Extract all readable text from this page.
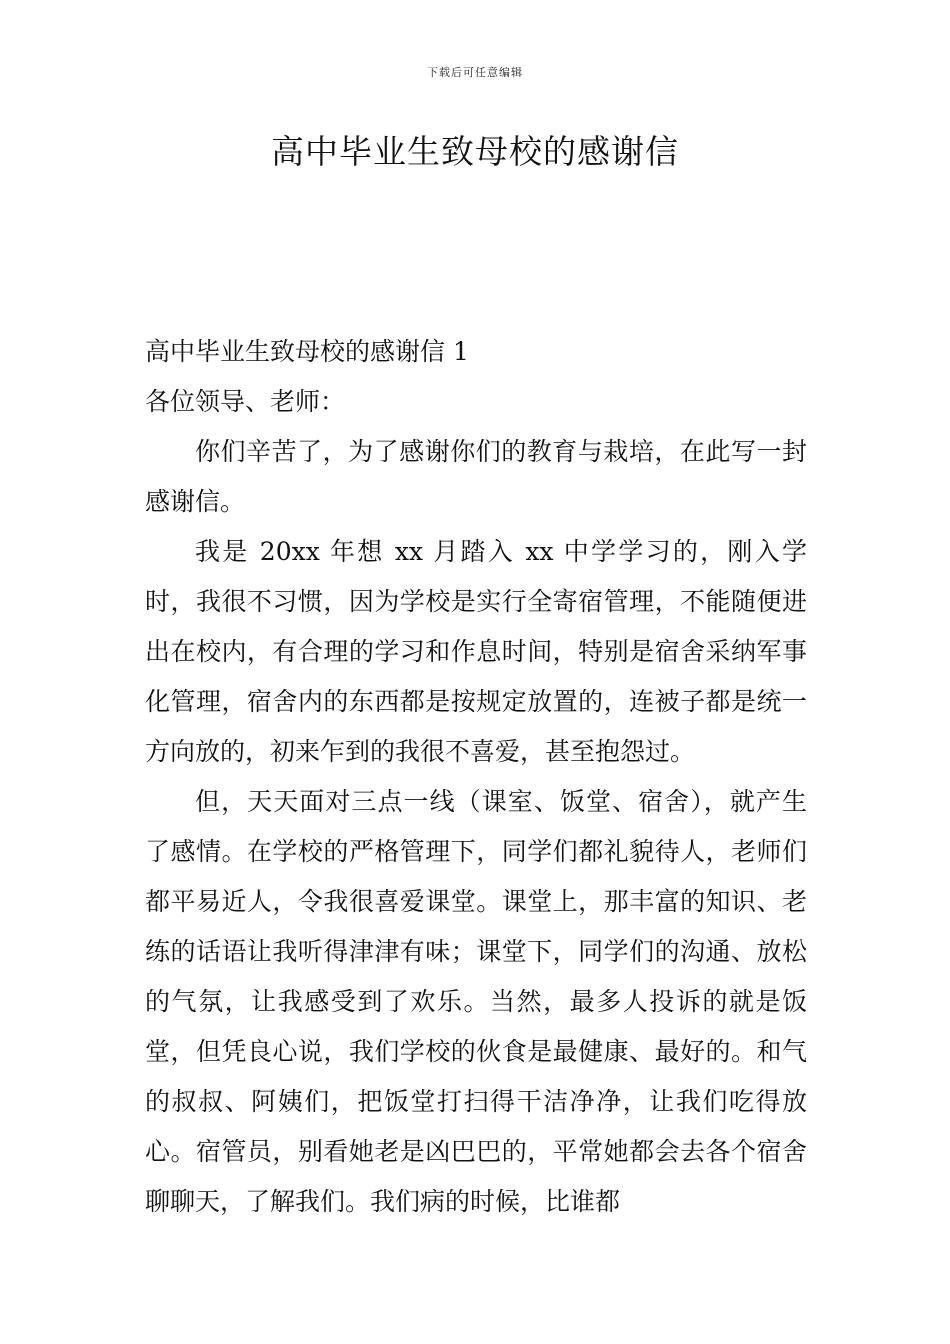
下载后可任意编辑
高中毕业生致母校的感谢信

高中毕业生致母校的感谢信 1

各位领导、老师：

你们辛苦了，为了感谢你们的教育与栽培，在此写一封感谢信。

我是 20xx 年想 xx 月踏入 xx 中学学习的，刚入学时，我很不习惯，因为学校是实行全寄宿管理，不能随便进出在校内，有合理的学习和作息时间，特别是宿舍采纳军事化管理，宿舍内的东西都是按规定放置的，连被子都是统一方向放的，初来乍到的我很不喜爱，甚至抱怨过。

但，天天面对三点一线（课室、饭堂、宿舍），就产生了感情。在学校的严格管理下，同学们都礼貌待人，老师们都平易近人，令我很喜爱课堂。课堂上，那丰富的知识、老练的话语让我听得津津有味；课堂下，同学们的沟通、放松的气氛，让我感受到了欢乐。当然，最多人投诉的就是饭堂，但凭良心说，我们学校的伙食是最健康、最好的。和气的叔叔、阿姨们，把饭堂打扫得干洁净净，让我们吃得放心。宿管员，别看她老是凶巴巴的，平常她都会去各个宿舍聊聊天，了解我们。我们病的时候，比谁都
